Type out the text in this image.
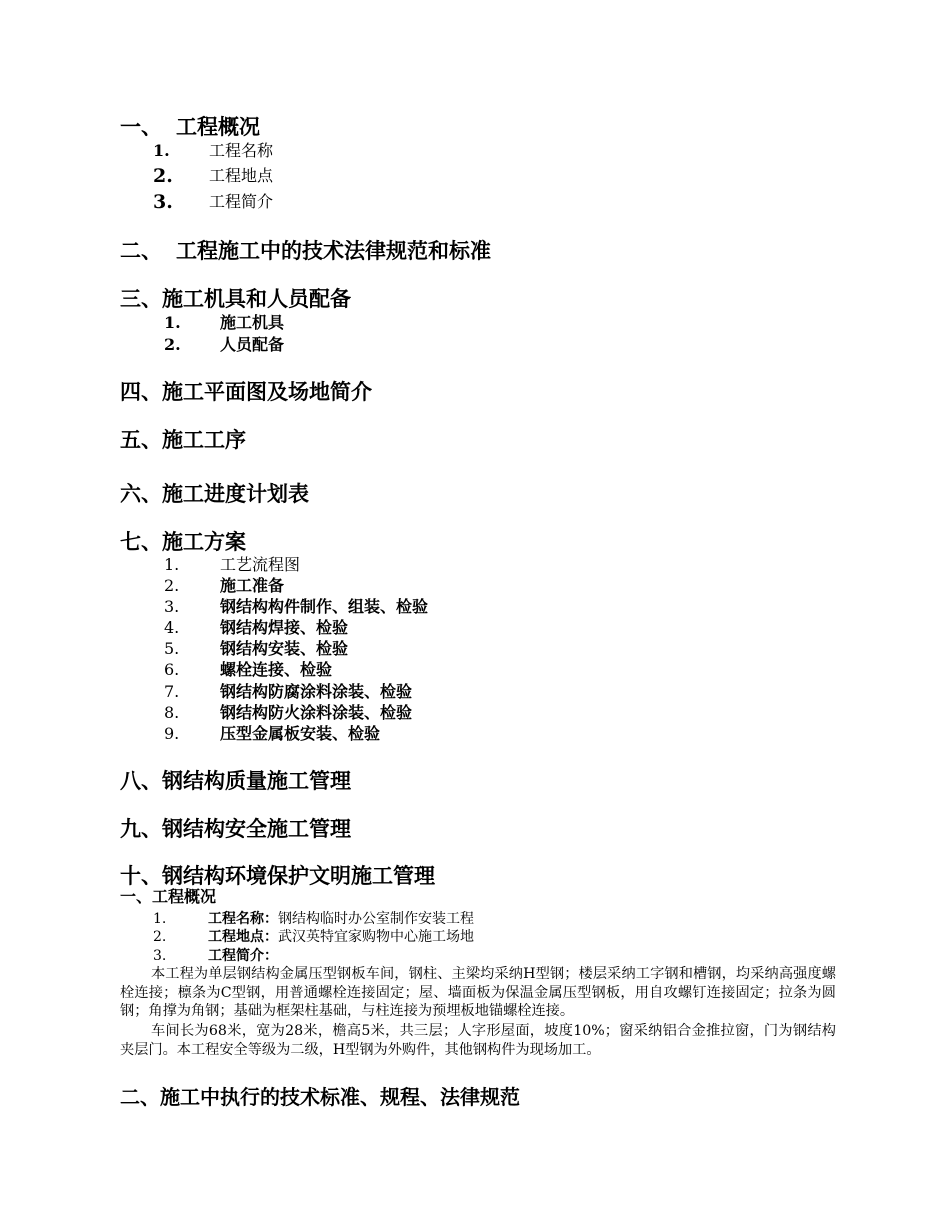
一、 工程概况
1. 工程名称
2. 工程地点
3. 工程简介
二、 工程施工中的技术法律规范和标准
三、施工机具和人员配备
1. 施工机具
2. 人员配备
四、施工平面图及场地简介
五、施工工序
六、施工进度计划表
七、施工方案
1.	工艺流程图
2.	施工准备
3.	钢结构构件制作、组装、检验
4.	钢结构焊接、检验
5.	钢结构安装、检验
6.	螺栓连接、检验
7.	钢结构防腐涂料涂装、检验
8.	钢结构防火涂料涂装、检验
9.	压型金属板安装、检验
八、钢结构质量施工管理
九、钢结构安全施工管理
十、钢结构环境保护文明施工管理
一、工程概况
1.	工程名称：钢结构临时办公室制作安装工程
2.	工程地点：武汉英特宜家购物中心施工场地
3.	工程简介：
本工程为单层钢结构金属压型钢板车间，钢柱、主梁均采纳H型钢；楼层采纳工字钢和槽钢，均采纳高强度螺栓连接；檩条为C型钢，用普通螺栓连接固定；屋、墙面板为保温金属压型钢板，用自攻螺钉连接固定；拉条为圆钢；角撑为角钢；基础为框架柱基础，与柱连接为预埋板地锚螺栓连接。
车间长为68米，宽为28米，檐高5米，共三层；人字形屋面，坡度10%；窗采纳铝合金推拉窗，门为钢结构夹层门。本工程安全等级为二级，H型钢为外购件，其他钢构件为现场加工。
二、施工中执行的技术标准、规程、法律规范
